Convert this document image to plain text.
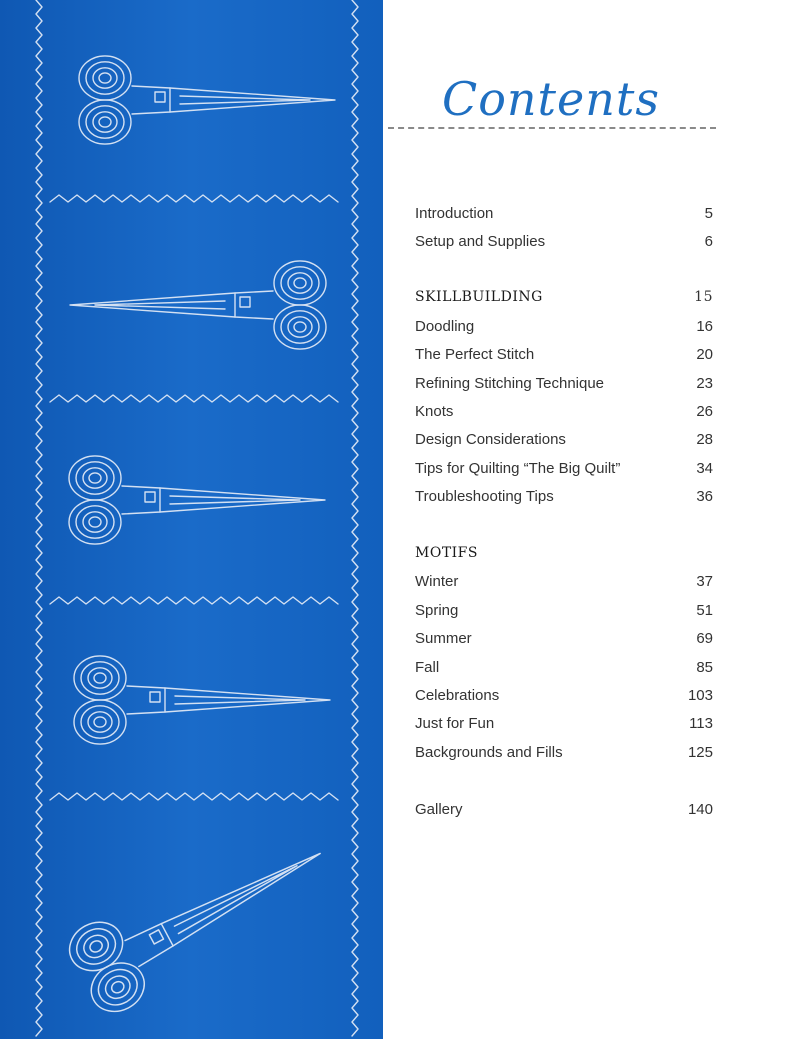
Contents
Introduction	5
Setup and Supplies	6
SKILLBUILDING	15
Doodling	16
The Perfect Stitch	20
Refining Stitching Technique	23
Knots	26
Design Considerations	28
Tips for Quilting “The Big Quilt”	34
Troubleshooting Tips	36
MOTIFS
Winter	37
Spring	51
Summer	69
Fall	85
Celebrations	103
Just for Fun	113
Backgrounds and Fills	125
Gallery	140
